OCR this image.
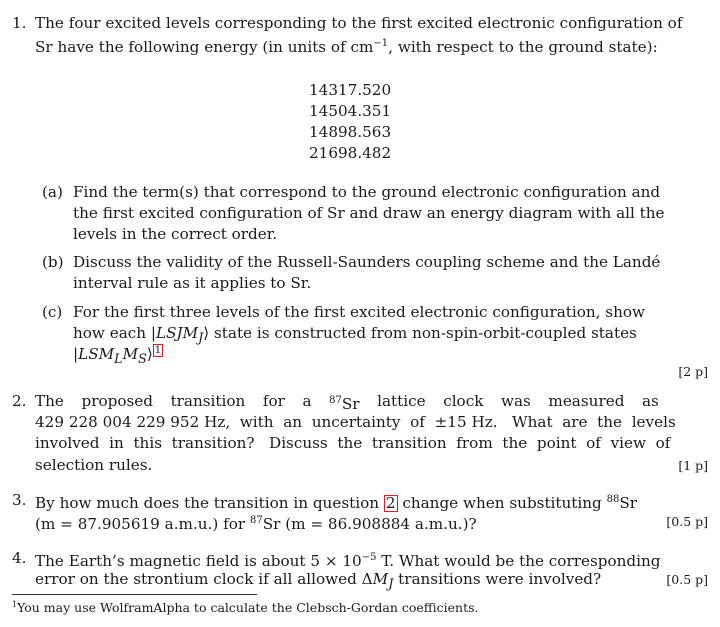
1. The four excited levels corresponding to the first excited electronic configuration of
Sr have the following energy (in units of $cm^{-1}$, with respect to the ground state):
14317.520
14504.351
14898.563
21698.482
(a) Find the term(s) that correspond to the ground electronic configuration and
the first excited configuration of Sr and draw an energy diagram with all the
levels in the correct order.
(b) Discuss the validity of the Russell-Saunders coupling scheme and the Landé
interval rule as it applies to Sr.
(c) For the first three levels of the first excited electronic configuration, show
how each $|LSJM_J⟩$ state is constructed from non-spin-orbit-coupled states
$|LSM_LM_S⟩$ 1
[2 p]
2. The proposed transition for a $^{87}$Sr lattice clock was measured as
429 228 004 229 952 Hz,  with  an  uncertainty  of  ±15 Hz.   What  are  the  levels
involved  in  this  transition?   Discuss  the  transition  from  the  point  of  view  of
selection rules.	[1 p]
3. By how much does the transition in question 2 change when substituting $^{88}$Sr
(m = 87.905619 a.m.u.) for $^{87}$Sr (m = 86.908884 a.m.u.)?	[0.5 p]
4. The Earth’s magnetic field is about $5 \times 10^{-5}$ T. What would be the corresponding
error on the strontium clock if all allowed $\Delta M_J$ transitions were involved?	[0.5 p]
$^1$You may use WolframAlpha to calculate the Clebsch-Gordan coefficients.
